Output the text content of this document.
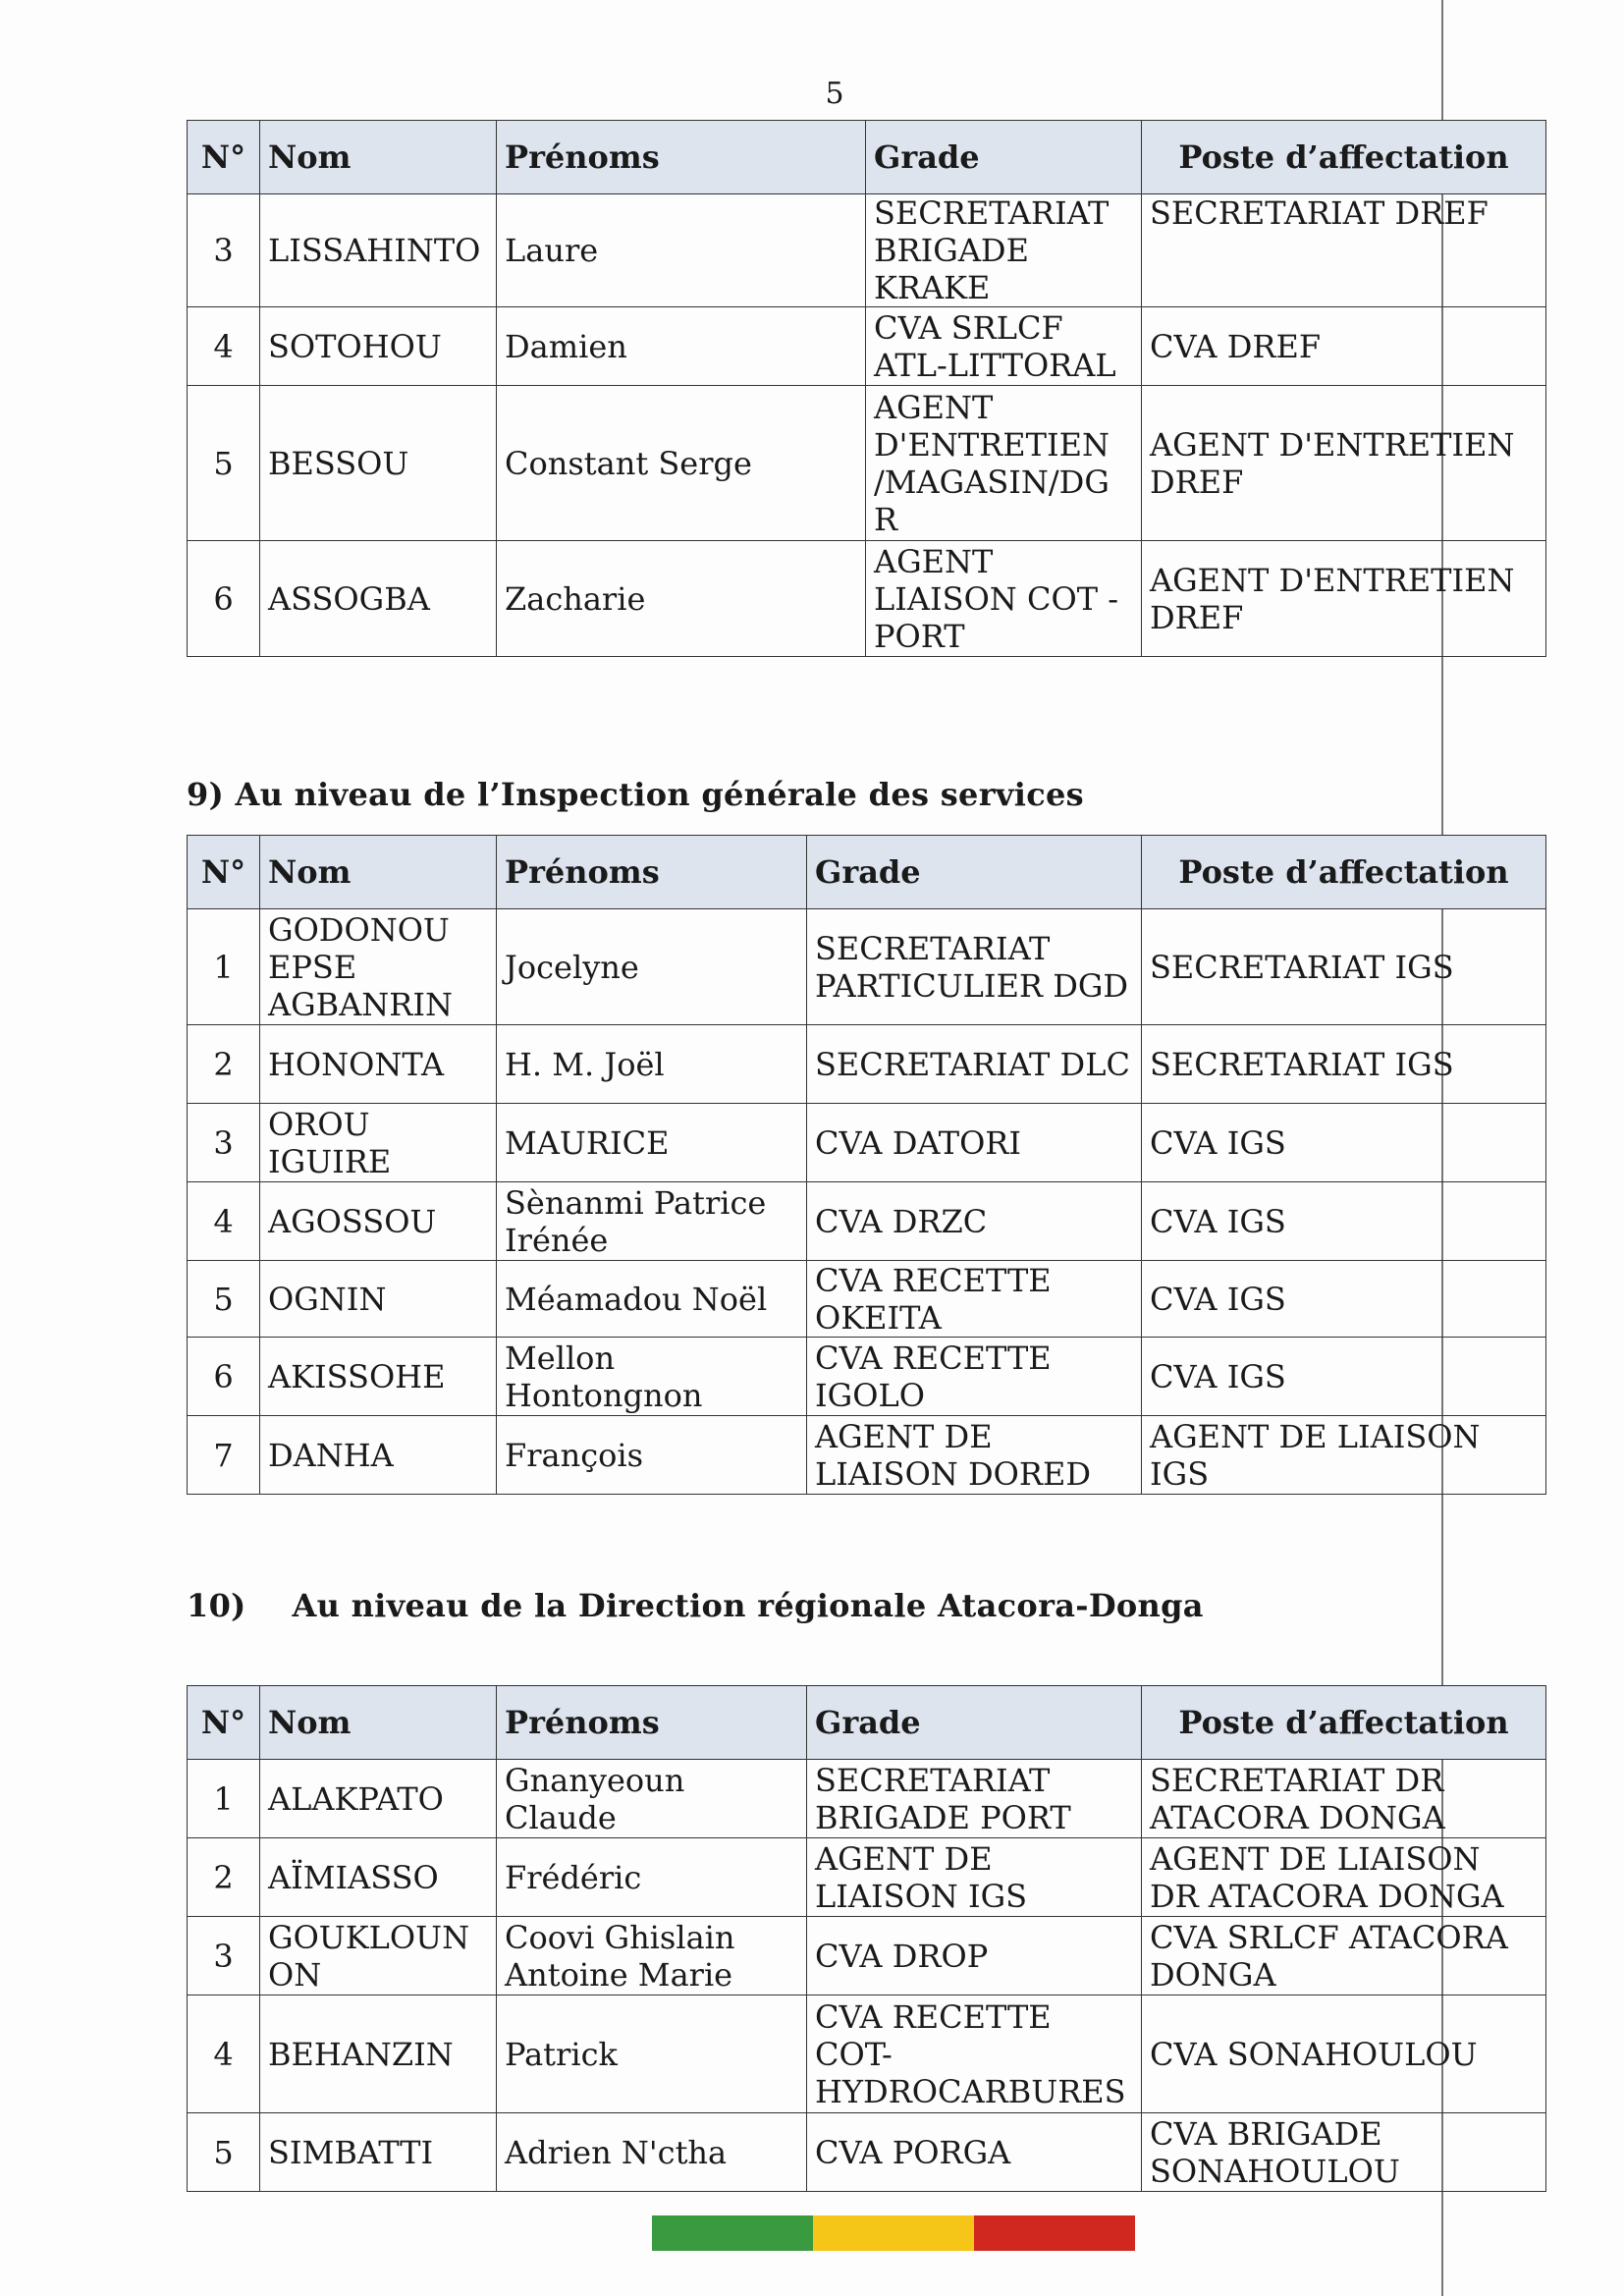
5
N°	Nom	Prénoms	Grade	Poste d’affectation
3	LISSAHINTO	Laure	SECRETARIAT BRIGADE KRAKE	SECRETARIAT DREF
4	SOTOHOU	Damien	CVA SRLCF ATL-LITTORAL	CVA DREF
5	BESSOU	Constant Serge	AGENT D'ENTRETIEN /MAGASIN/DG R	AGENT D'ENTRETIEN DREF
6	ASSOGBA	Zacharie	AGENT LIAISON COT - PORT	AGENT D'ENTRETIEN DREF
9) Au niveau de l’Inspection générale des services
N°	Nom	Prénoms	Grade	Poste d’affectation
1	GODONOU EPSE AGBANRIN	Jocelyne	SECRETARIAT PARTICULIER DGD	SECRETARIAT IGS
2	HONONTA	H. M. Joël	SECRETARIAT DLC	SECRETARIAT IGS
3	OROU IGUIRE	MAURICE	CVA DATORI	CVA IGS
4	AGOSSOU	Sènanmi Patrice Irénée	CVA DRZC	CVA IGS
5	OGNIN	Méamadou Noël	CVA RECETTE OKEITA	CVA IGS
6	AKISSOHE	Mellon Hontongnon	CVA RECETTE IGOLO	CVA IGS
7	DANHA	François	AGENT DE LIAISON DORED	AGENT DE LIAISON IGS
10) Au niveau de la Direction régionale Atacora-Donga
N°	Nom	Prénoms	Grade	Poste d’affectation
1	ALAKPATO	Gnanyeoun Claude	SECRETARIAT BRIGADE PORT	SECRETARIAT DR ATACORA DONGA
2	AÏMIASSO	Frédéric	AGENT DE LIAISON IGS	AGENT DE LIAISON DR ATACORA DONGA
3	GOUKLOUN ON	Coovi Ghislain Antoine Marie	CVA DROP	CVA SRLCF ATACORA DONGA
4	BEHANZIN	Patrick	CVA RECETTE COT-HYDROCARBURES	CVA SONAHOULOU
5	SIMBATTI	Adrien N'ctha	CVA PORGA	CVA BRIGADE SONAHOULOU
